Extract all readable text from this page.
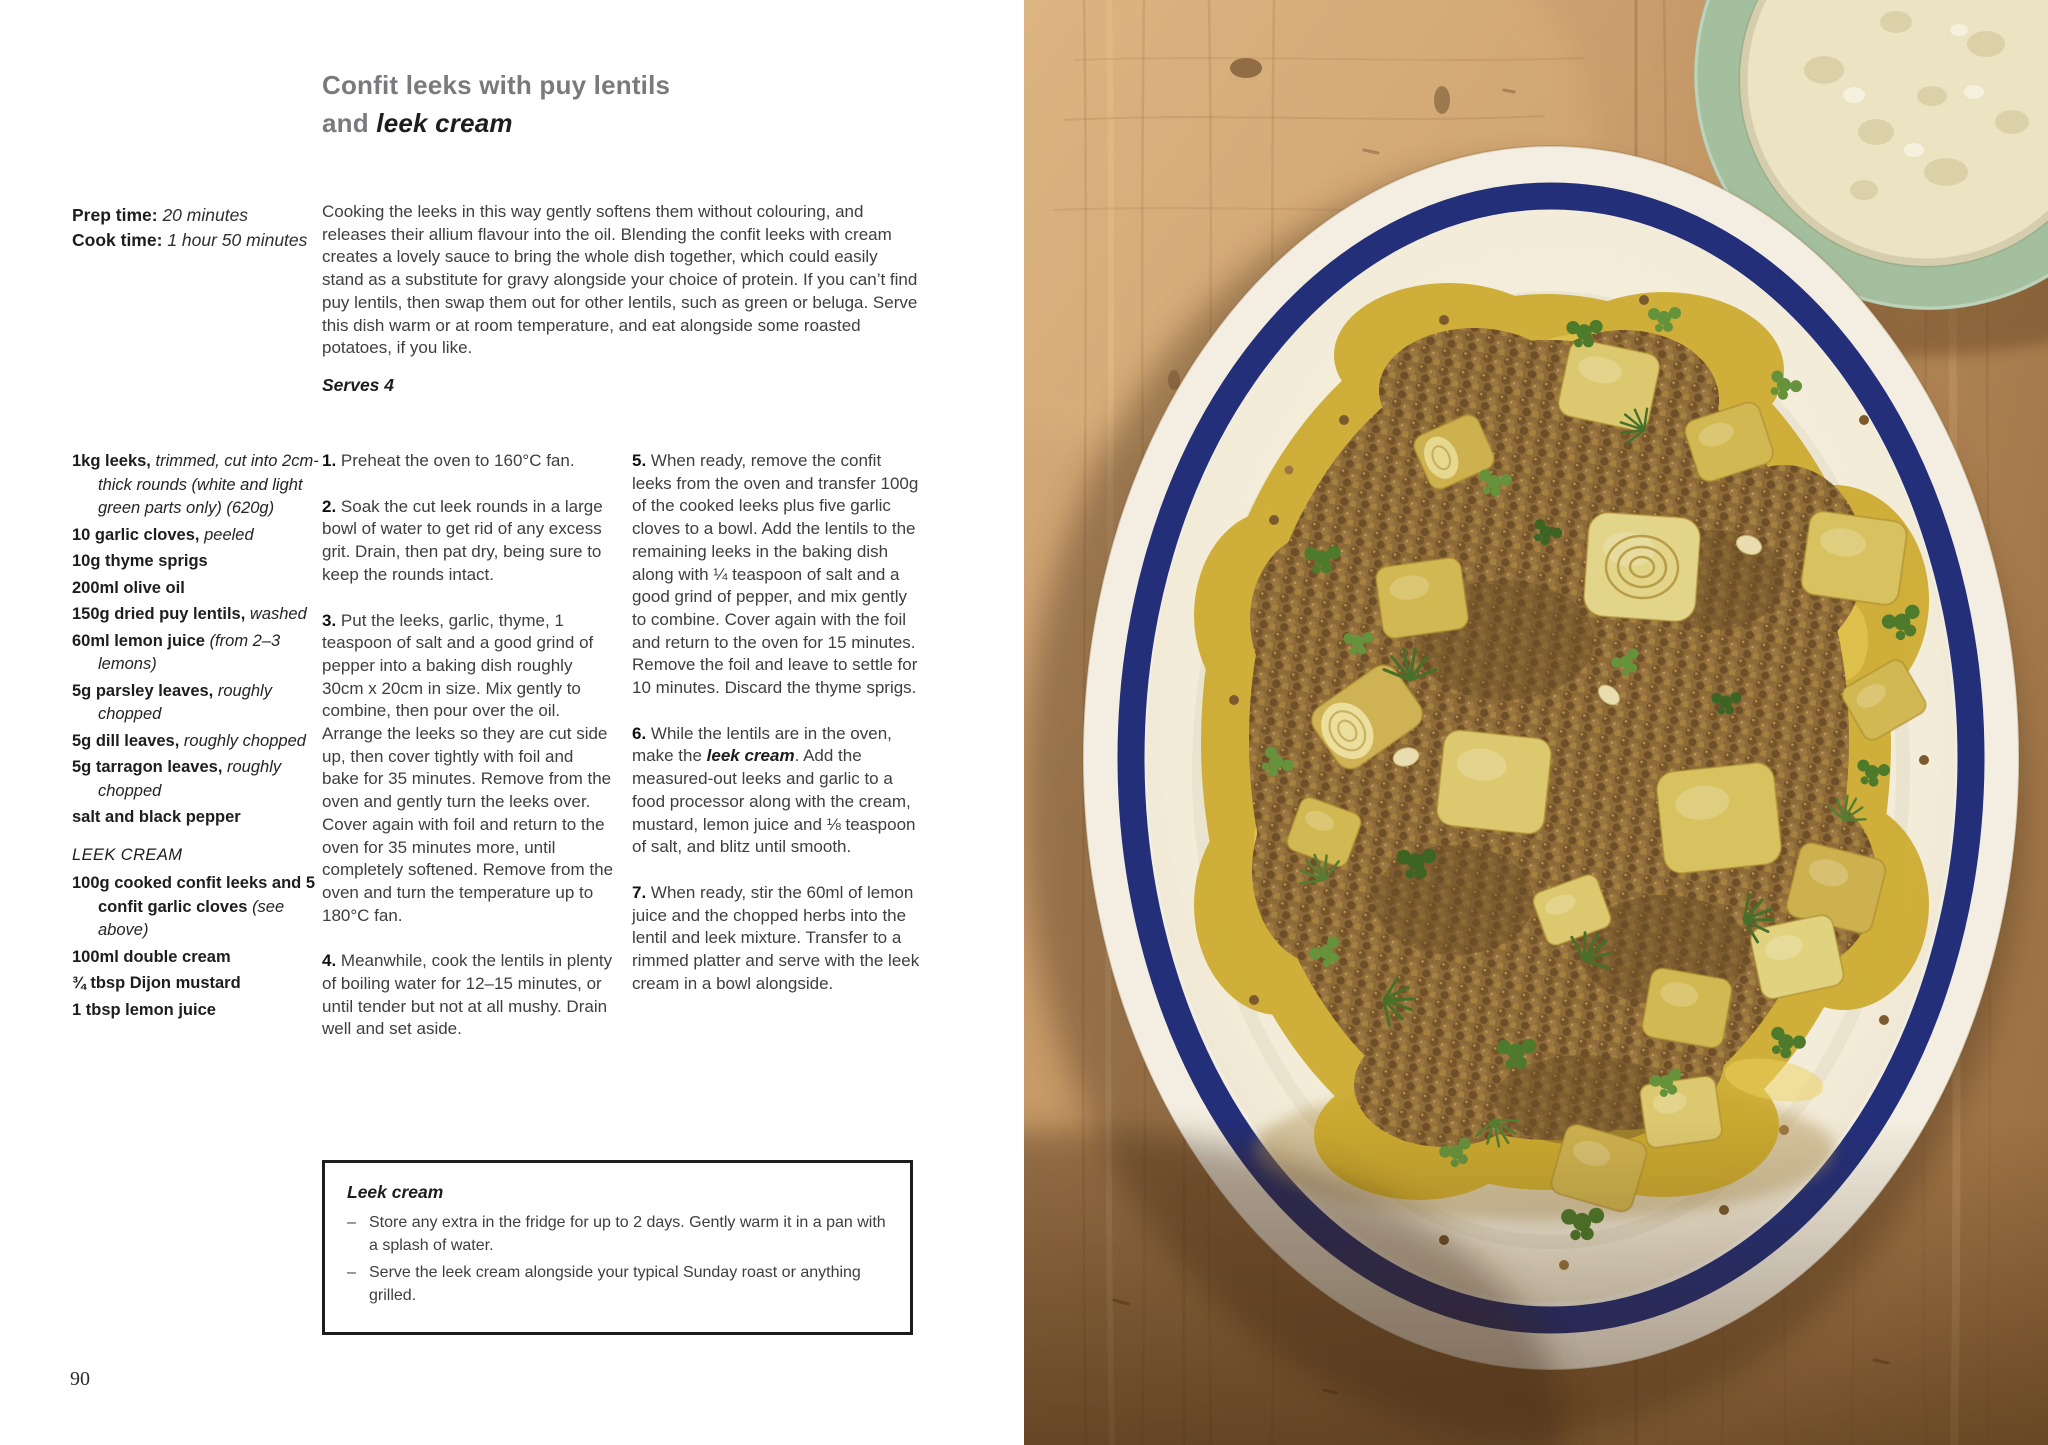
Confit leeks with puy lentils
and leek cream
Prep time: 20 minutes
Cook time: 1 hour 50 minutes

Cooking the leeks in this way gently softens them without colouring, and releases their allium flavour into the oil. Blending the confit leeks with cream creates a lovely sauce to bring the whole dish together, which could easily stand as a substitute for gravy alongside your choice of protein. If you can’t find puy lentils, then swap them out for other lentils, such as green or beluga. Serve this dish warm or at room temperature, and eat alongside some roasted potatoes, if you like.

Serves 4

1kg leeks, trimmed, cut into 2cm-thick rounds (white and light green parts only) (620g)

10 garlic cloves, peeled

10g thyme sprigs

200ml olive oil

150g dried puy lentils, washed

60ml lemon juice (from 2–3 lemons)

5g parsley leaves, roughly chopped

5g dill leaves, roughly chopped

5g tarragon leaves, roughly chopped

salt and black pepper

LEEK CREAM

100g cooked confit leeks and 5 confit garlic cloves (see above)

100ml double cream

¾ tbsp Dijon mustard

1 tbsp lemon juice

1. Preheat the oven to 160°C fan.

2. Soak the cut leek rounds in a large bowl of water to get rid of any excess grit. Drain, then pat dry, being sure to keep the rounds intact.

3. Put the leeks, garlic, thyme, 1 teaspoon of salt and a good grind of pepper into a baking dish roughly 30cm x 20cm in size. Mix gently to combine, then pour over the oil. Arrange the leeks so they are cut side up, then cover tightly with foil and bake for 35 minutes. Remove from the oven and gently turn the leeks over. Cover again with foil and return to the oven for 35 minutes more, until completely softened. Remove from the oven and turn the temperature up to 180°C fan.

4. Meanwhile, cook the lentils in plenty of boiling water for 12–15 minutes, or until tender but not at all mushy. Drain well and set aside.

5. When ready, remove the confit leeks from the oven and transfer 100g of the cooked leeks plus five garlic cloves to a bowl. Add the lentils to the remaining leeks in the baking dish along with ¼ teaspoon of salt and a good grind of pepper, and mix gently to combine. Cover again with the foil and return to the oven for 15 minutes. Remove the foil and leave to settle for 10 minutes. Discard the thyme sprigs.

6. While the lentils are in the oven, make the leek cream. Add the measured-out leeks and garlic to a food processor along with the cream, mustard, lemon juice and ⅛ teaspoon of salt, and blitz until smooth.

7. When ready, stir the 60ml of lemon juice and the chopped herbs into the lentil and leek mixture. Transfer to a rimmed platter and serve with the leek cream in a bowl alongside.

Leek cream

– Store any extra in the fridge for up to 2 days. Gently warm it in a pan with a splash of water.
– Serve the leek cream alongside your typical Sunday roast or anything grilled.
90
